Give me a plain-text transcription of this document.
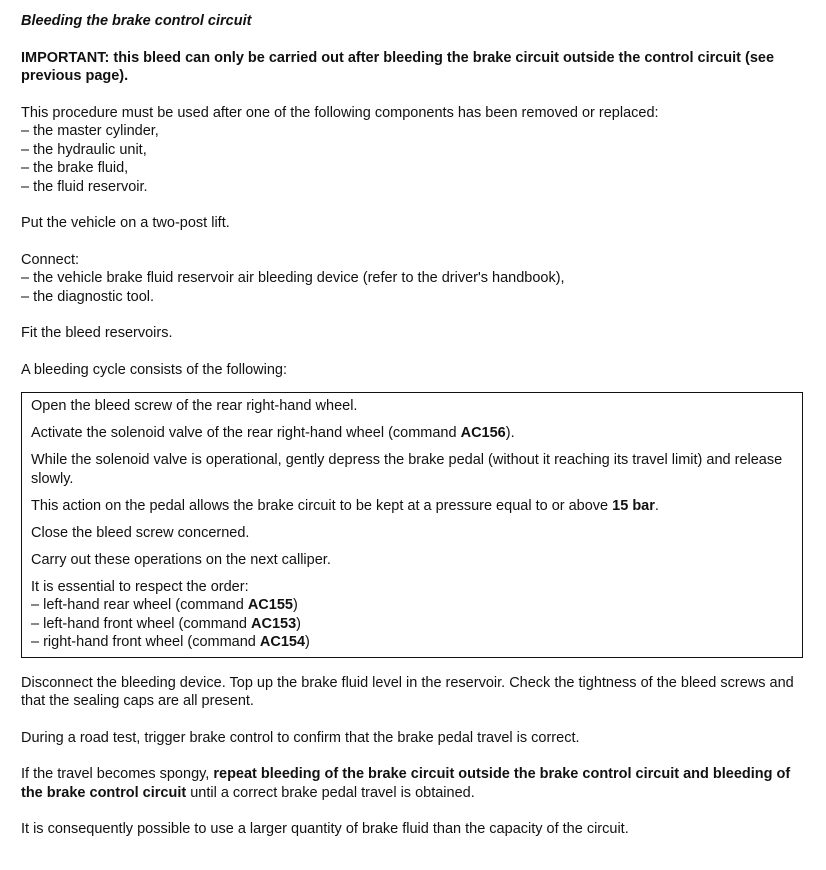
Bleeding the brake control circuit

IMPORTANT: this bleed can only be carried out after bleeding the brake circuit outside the control circuit (see previous page).

This procedure must be used after one of the following components has been removed or replaced:

– the master cylinder,
– the hydraulic unit,
– the brake fluid,
– the fluid reservoir.

Put the vehicle on a two-post lift.

Connect:

– the vehicle brake fluid reservoir air bleeding device (refer to the driver's handbook),
– the diagnostic tool.

Fit the bleed reservoirs.

A bleeding cycle consists of the following:

Open the bleed screw of the rear right-hand wheel.

Activate the solenoid valve of the rear right-hand wheel (command AC156).

While the solenoid valve is operational, gently depress the brake pedal (without it reaching its travel limit) and release slowly.

This action on the pedal allows the brake circuit to be kept at a pressure equal to or above 15 bar.

Close the bleed screw concerned.

Carry out these operations on the next calliper.

It is essential to respect the order:

– left-hand rear wheel (command AC155)
– left-hand front wheel (command AC153)
– right-hand front wheel (command AC154)

Disconnect the bleeding device. Top up the brake fluid level in the reservoir. Check the tightness of the bleed screws and that the sealing caps are all present.

During a road test, trigger brake control to confirm that the brake pedal travel is correct.

If the travel becomes spongy, repeat bleeding of the brake circuit outside the brake control circuit and bleeding of the brake control circuit until a correct brake pedal travel is obtained.

It is consequently possible to use a larger quantity of brake fluid than the capacity of the circuit.
